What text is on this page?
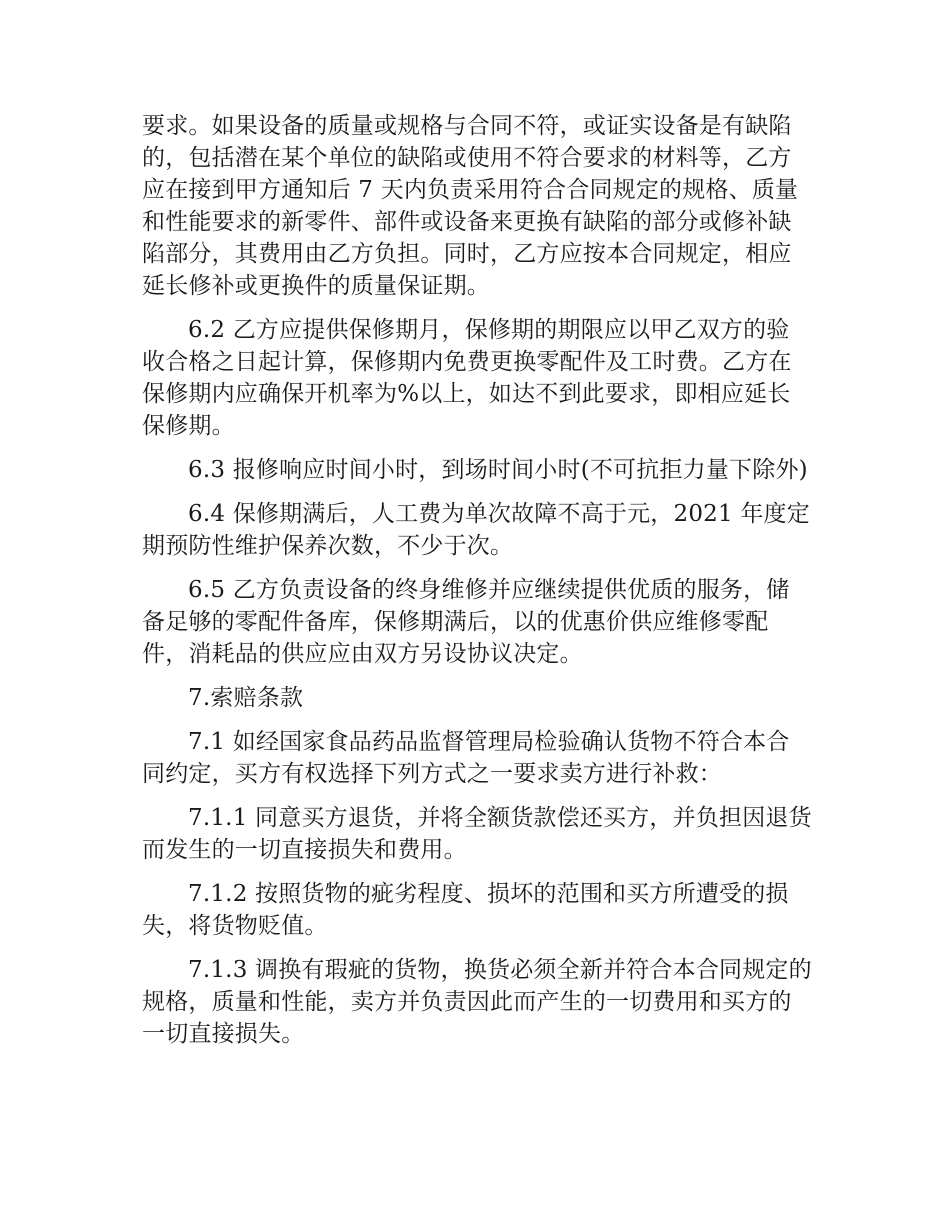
要求。如果设备的质量或规格与合同不符，或证实设备是有缺陷的，包括潜在某个单位的缺陷或使用不符合要求的材料等，乙方应在接到甲方通知后 7 天内负责采用符合合同规定的规格、质量和性能要求的新零件、部件或设备来更换有缺陷的部分或修补缺陷部分，其费用由乙方负担。同时，乙方应按本合同规定，相应延长修补或更换件的质量保证期。

6.2 乙方应提供保修期月，保修期的期限应以甲乙双方的验收合格之日起计算，保修期内免费更换零配件及工时费。乙方在保修期内应确保开机率为%以上，如达不到此要求，即相应延长保修期。

6.3 报修响应时间小时，到场时间小时(不可抗拒力量下除外)

6.4 保修期满后，人工费为单次故障不高于元，2021 年度定期预防性维护保养次数，不少于次。

6.5 乙方负责设备的终身维修并应继续提供优质的服务，储备足够的零配件备库，保修期满后，以的优惠价供应维修零配件，消耗品的供应应由双方另设协议决定。

7.索赔条款

7.1 如经国家食品药品监督管理局检验确认货物不符合本合同约定，买方有权选择下列方式之一要求卖方进行补救：

7.1.1 同意买方退货，并将全额货款偿还买方，并负担因退货而发生的一切直接损失和费用。

7.1.2 按照货物的疵劣程度、损坏的范围和买方所遭受的损失，将货物贬值。

7.1.3 调换有瑕疵的货物，换货必须全新并符合本合同规定的规格，质量和性能，卖方并负责因此而产生的一切费用和买方的一切直接损失。
